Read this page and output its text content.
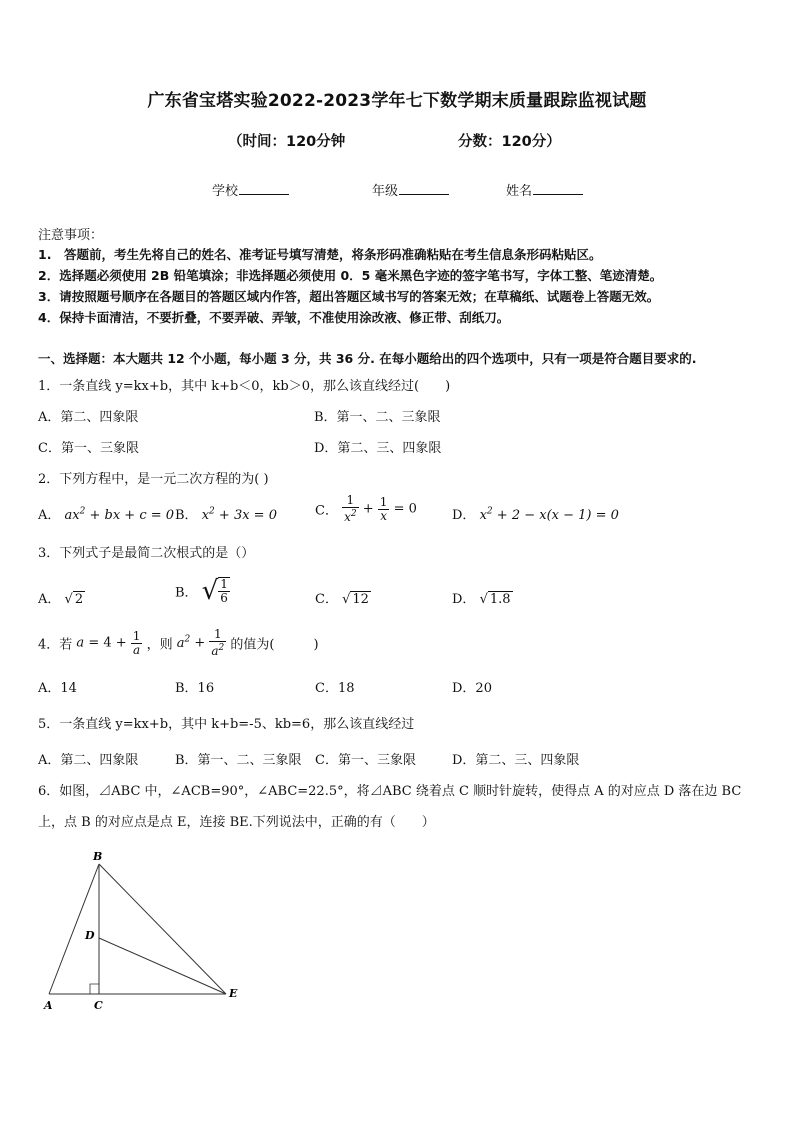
广东省宝塔实验2022-2023学年七下数学期末质量跟踪监视试题
（时间：120分钟	分数：120分）
学校	年级	姓名
注意事项：
1.　答题前，考生先将自己的姓名、准考证号填写清楚，将条形码准确粘贴在考生信息条形码粘贴区。
2．选择题必须使用 2B 铅笔填涂；非选择题必须使用 0．5 毫米黑色字迹的签字笔书写，字体工整、笔迹清楚。
3．请按照题号顺序在各题目的答题区域内作答，超出答题区域书写的答案无效；在草稿纸、试题卷上答题无效。
4．保持卡面清洁，不要折叠，不要弄破、弄皱，不准使用涂改液、修正带、刮纸刀。
一、选择题：本大题共 12 个小题，每小题 3 分，共 36 分. 在每小题给出的四个选项中，只有一项是符合题目要求的.
1．一条直线 y=kx+b，其中 k+b＜0，kb＞0，那么该直线经过(　　)
A．第二、四象限	B．第一、二、三象限
C．第一、三象限	D．第二、三、四象限
2．下列方程中，是一元二次方程的为( )
A． $ax^2$ + bx + c = 0 B． $x^2 + 3x = 0$	C． $\frac{1}{x^2} + \frac{1}{x} = 0$	D． $x^2 + 2 - x(x - 1) = 0$
3．下列式子是最简二次根式的是（）
A． √ 2	B． √ $\frac{1}{6}$	C． √ 12	D． √ 1.8
4．若 $a = 4 + \frac{1}{a}$ ，则 $a^2 + \frac{1}{a^2}$ 的值为(　　　)
A．14	B．16	C．18	D．20
5．一条直线 y=kx+b，其中 k+b=-5、kb=6，那么该直线经过
A．第二、四象限	B．第一、二、三象限 C．第一、三象限	D．第二、三、四象限
6．如图，⊿ABC 中，∠ACB=90°，∠ABC=22.5°，将⊿ABC 绕着点 C 顺时针旋转，使得点 A 的对应点 D 落在边 BC
上，点 B 的对应点是点 E，连接 BE.下列说法中，正确的有（　　）
B
D
A	C
E
